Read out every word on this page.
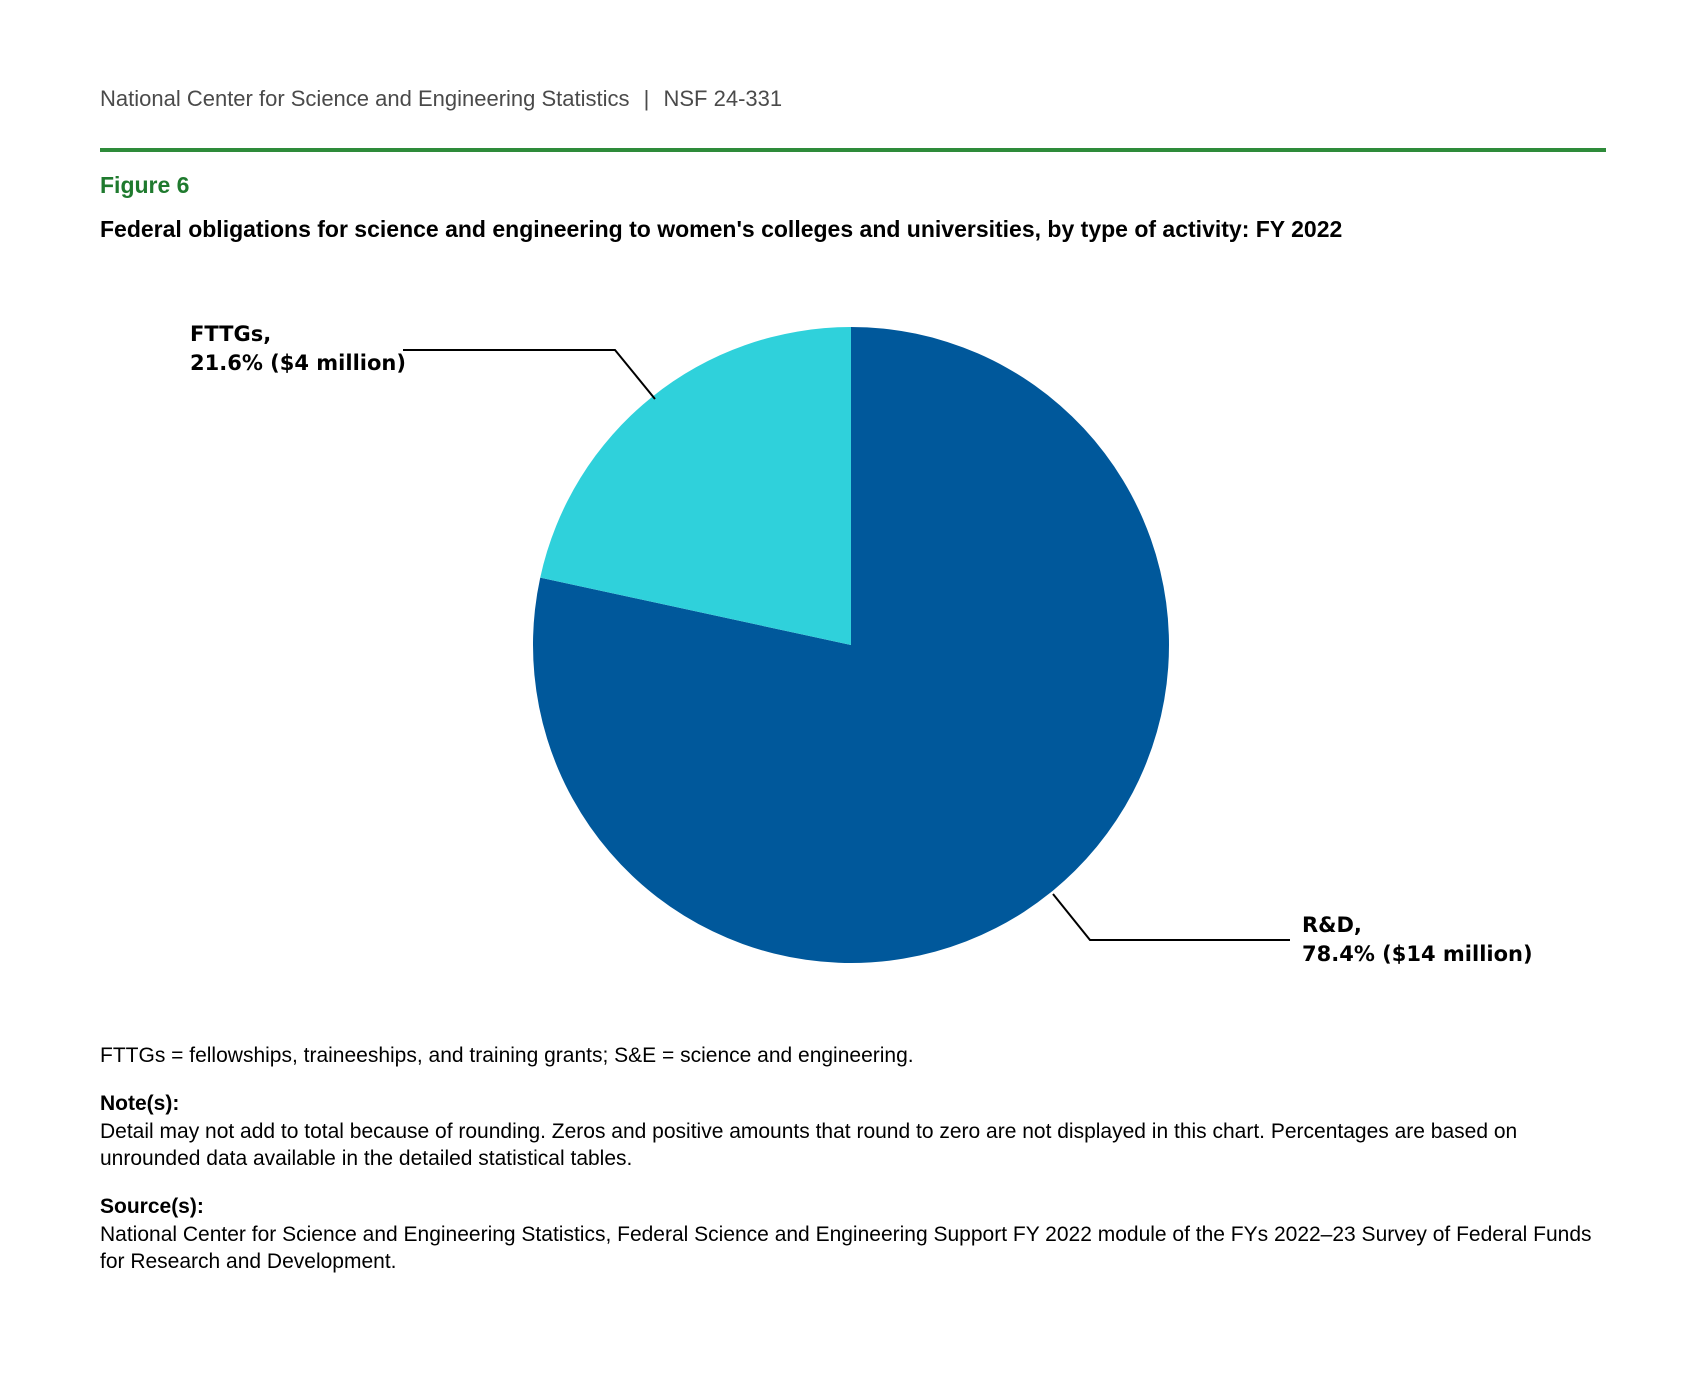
National Center for Science and Engineering Statistics | NSF 24-331
Figure 6
Federal obligations for science and engineering to women's colleges and universities, by type of activity: FY 2022
FTTGs,
21.6% ($4 million)
R&D,
78.4% ($14 million)
FTTGs = fellowships, traineeships, and training grants; S&E = science and engineering.
Note(s):
Detail may not add to total because of rounding. Zeros and positive amounts that round to zero are not displayed in this chart. Percentages are based on unrounded data available in the detailed statistical tables.
Source(s):
National Center for Science and Engineering Statistics, Federal Science and Engineering Support FY 2022 module of the FYs 2022–23 Survey of Federal Funds for Research and Development.
